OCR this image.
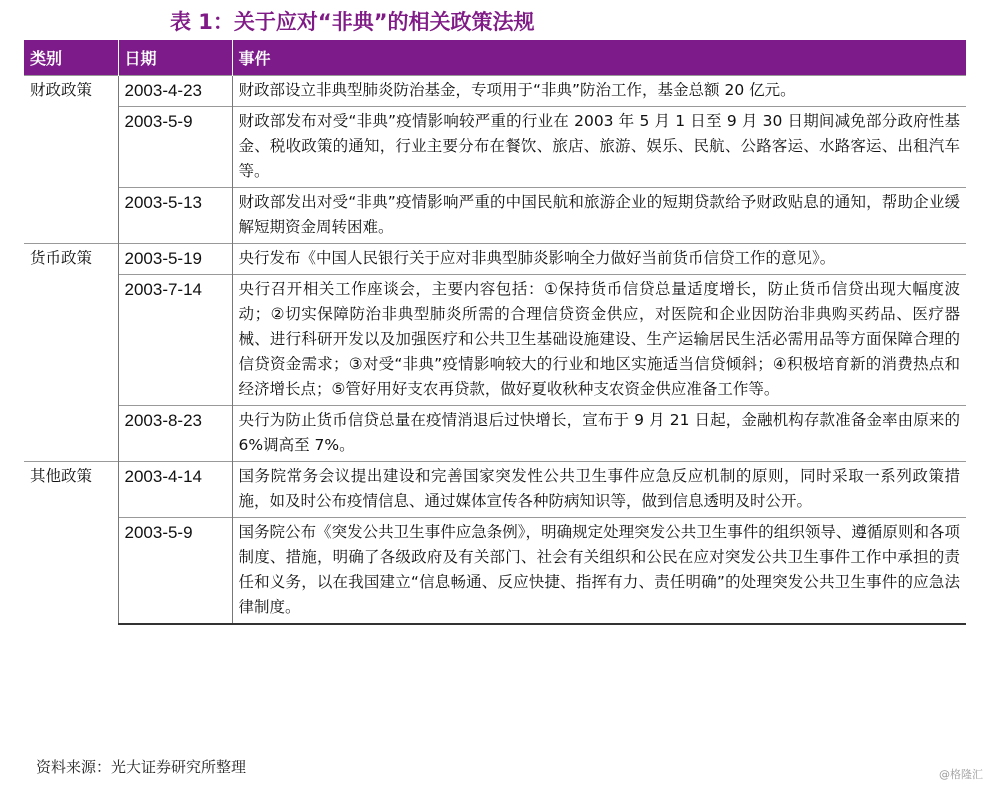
表 1：关于应对“非典”的相关政策法规
类别	日期	事件
财政政策	2003-4-23	财政部设立非典型肺炎防治基金，专项用于“非典”防治工作，基金总额 20 亿元。
	2003-5-9	财政部发布对受“非典”疫情影响较严重的行业在 2003 年 5 月 1 日至 9 月 30 日期间减免部分政府性基金、税收政策的通知，行业主要分布在餐饮、旅店、旅游、娱乐、民航、公路客运、水路客运、出租汽车等。
	2003-5-13	财政部发出对受“非典”疫情影响严重的中国民航和旅游企业的短期贷款给予财政贴息的通知，帮助企业缓解短期资金周转困难。
货币政策	2003-5-19	央行发布《中国人民银行关于应对非典型肺炎影响全力做好当前货币信贷工作的意见》。
	2003-7-14	央行召开相关工作座谈会，主要内容包括：①保持货币信贷总量适度增长，防止货币信贷出现大幅度波动；②切实保障防治非典型肺炎所需的合理信贷资金供应，对医院和企业因防治非典购买药品、医疗器械、进行科研开发以及加强医疗和公共卫生基础设施建设、生产运输居民生活必需用品等方面保障合理的信贷资金需求；③对受“非典”疫情影响较大的行业和地区实施适当信贷倾斜；④积极培育新的消费热点和经济增长点；⑤管好用好支农再贷款，做好夏收秋种支农资金供应准备工作等。
	2003-8-23	央行为防止货币信贷总量在疫情消退后过快增长，宣布于 9 月 21 日起，金融机构存款准备金率由原来的 6%调高至 7%。
其他政策	2003-4-14	国务院常务会议提出建设和完善国家突发性公共卫生事件应急反应机制的原则，同时采取一系列政策措施，如及时公布疫情信息、通过媒体宣传各种防病知识等，做到信息透明及时公开。
	2003-5-9	国务院公布《突发公共卫生事件应急条例》，明确规定处理突发公共卫生事件的组织领导、遵循原则和各项制度、措施，明确了各级政府及有关部门、社会有关组织和公民在应对突发公共卫生事件工作中承担的责任和义务，以在我国建立“信息畅通、反应快捷、指挥有力、责任明确”的处理突发公共卫生事件的应急法律制度。
资料来源：光大证券研究所整理	@格隆汇
